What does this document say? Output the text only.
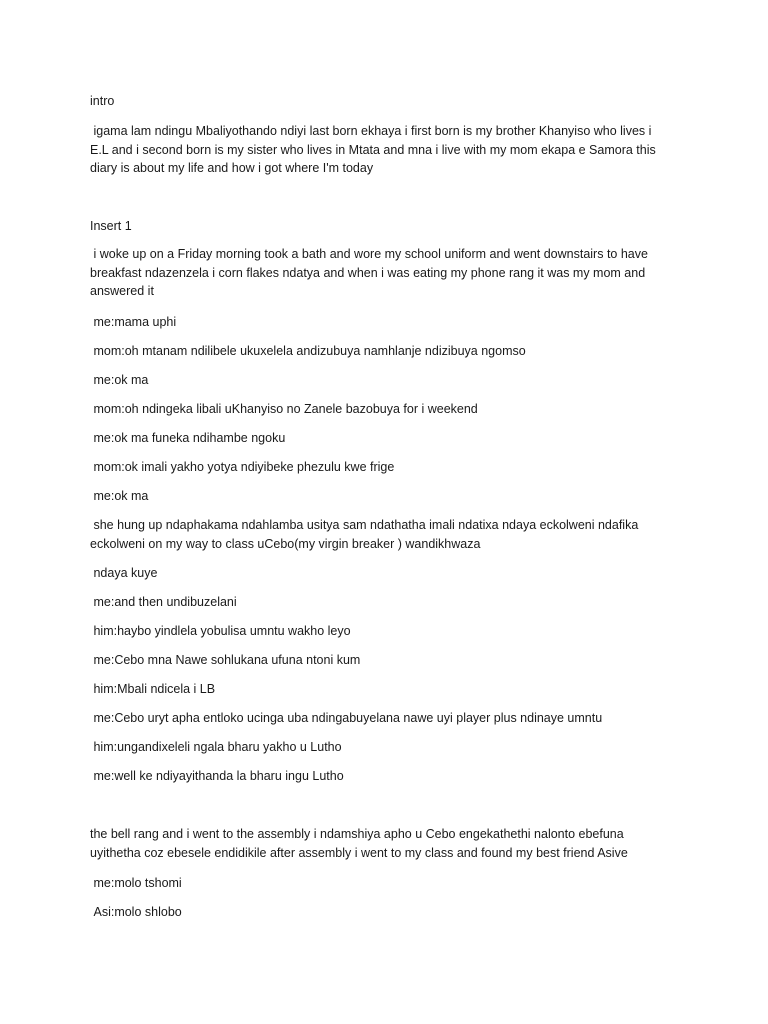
intro

igama lam ndingu Mbaliyothando ndiyi last born ekhaya i first born is my brother Khanyiso who lives i
E.L and i second born is my sister who lives in Mtata and mna i live with my mom ekapa e Samora this
diary is about my life and how i got where I'm today

Insert 1

i woke up on a Friday morning took a bath and wore my school uniform and went downstairs to have
breakfast ndazenzela i corn flakes ndatya and when i was eating my phone rang it was my mom and
answered it

me:mama uphi

mom:oh mtanam ndilibele ukuxelela andizubuya namhlanje ndizibuya ngomso

me:ok ma

mom:oh ndingeka libali uKhanyiso no Zanele bazobuya for i weekend

me:ok ma funeka ndihambe ngoku

mom:ok imali yakho yotya ndiyibeke phezulu kwe frige

me:ok ma

she hung up ndaphakama ndahlamba usitya sam ndathatha imali ndatixa ndaya eckolweni ndafika
eckolweni on my way to class uCebo(my virgin breaker ) wandikhwaza

ndaya kuye

me:and then undibuzelani

him:haybo yindlela yobulisa umntu wakho leyo

me:Cebo mna Nawe sohlukana ufuna ntoni kum

him:Mbali ndicela i LB

me:Cebo uryt apha entloko ucinga uba ndingabuyelana nawe uyi player plus ndinaye umntu

him:ungandixeleli ngala bharu yakho u Lutho

me:well ke ndiyayithanda la bharu ingu Lutho

the bell rang and i went to the assembly i ndamshiya apho u Cebo engekathethi nalonto ebefuna
uyithetha coz ebesele endidikile after assembly i went to my class and found my best friend Asive

me:molo tshomi

Asi:molo shlobo
